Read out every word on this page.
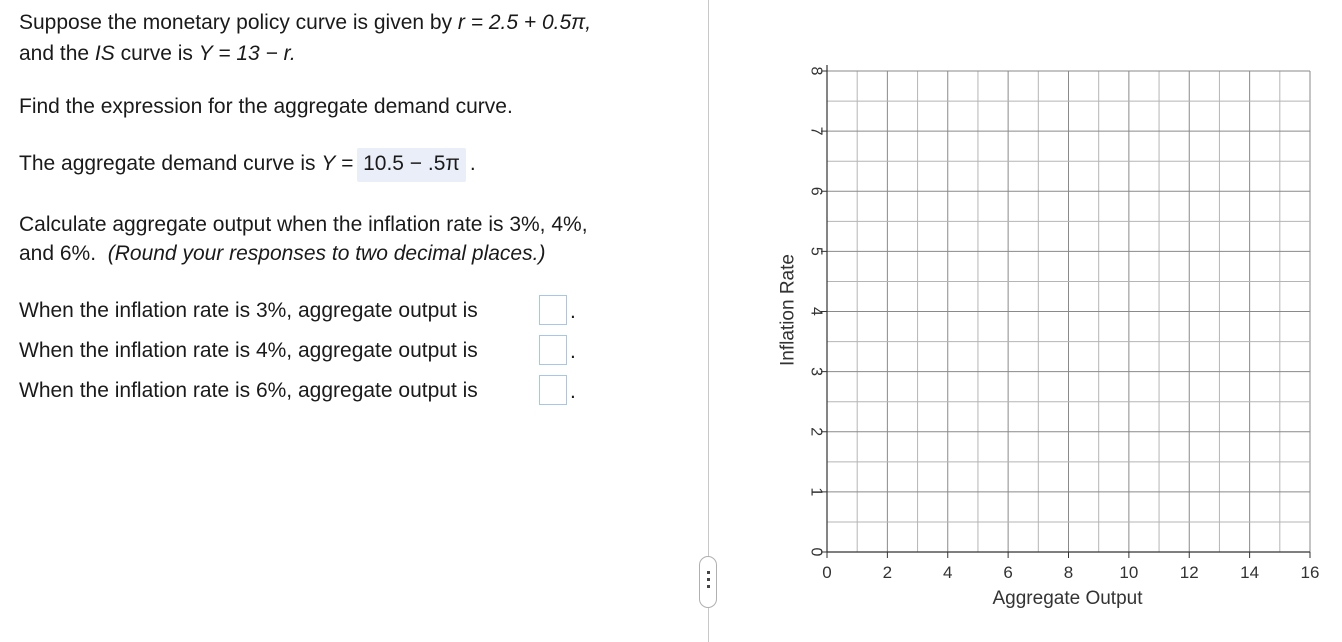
Suppose the monetary policy curve is given by r = 2.5 + 0.5π,
and the IS curve is Y = 13 − r.
Find the expression for the aggregate demand curve.
The aggregate demand curve is Y = 10.5 − .5π .
Calculate aggregate output when the inflation rate is 3%, 4%,
and 6%.  (Round your responses to two decimal places.)
When the inflation rate is 3%, aggregate output is	.
When the inflation rate is 4%, aggregate output is	.
When the inflation rate is 6%, aggregate output is	.
0	2	4	6	8	10 12 14 16
0
1
2
3
4
5
6
7
8
Aggregate Output
Inflation Rate
